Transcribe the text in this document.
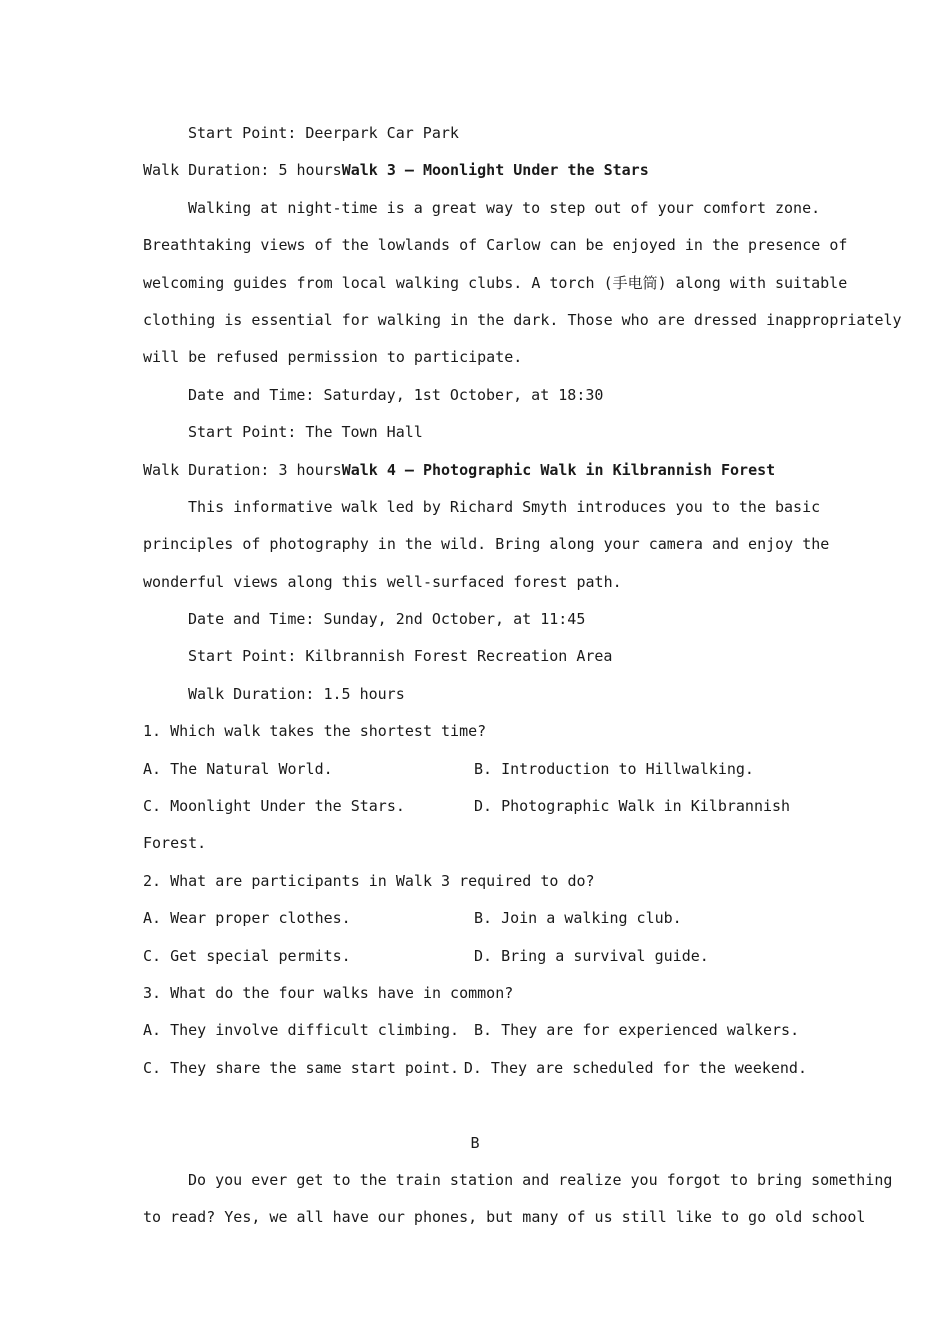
Start Point: Deerpark Car Park
Walk Duration: 5 hoursWalk 3 — Moonlight Under the Stars
Walking at night-time is a great way to step out of your comfort zone.
Breathtaking views of the lowlands of Carlow can be enjoyed in the presence of
welcoming guides from local walking clubs. A torch (手电筒) along with suitable
clothing is essential for walking in the dark. Those who are dressed inappropriately
will be refused permission to participate.
Date and Time: Saturday, 1st October, at 18:30
Start Point: The Town Hall
Walk Duration: 3 hoursWalk 4 — Photographic Walk in Kilbrannish Forest
This informative walk led by Richard Smyth introduces you to the basic
principles of photography in the wild. Bring along your camera and enjoy the
wonderful views along this well-surfaced forest path.
Date and Time: Sunday, 2nd October, at 11:45
Start Point: Kilbrannish Forest Recreation Area
Walk Duration: 1.5 hours
1. Which walk takes the shortest time?
A. The Natural World.	B. Introduction to Hillwalking.
C. Moonlight Under the Stars.	D. Photographic Walk in Kilbrannish
Forest.
2. What are participants in Walk 3 required to do?
A. Wear proper clothes.	B. Join a walking club.
C. Get special permits.	D. Bring a survival guide.
3. What do the four walks have in common?
A. They involve difficult climbing. B. They are for experienced walkers.
C. They share the same start point. D. They are scheduled for the weekend.
B
Do you ever get to the train station and realize you forgot to bring something
to read? Yes, we all have our phones, but many of us still like to go old school
